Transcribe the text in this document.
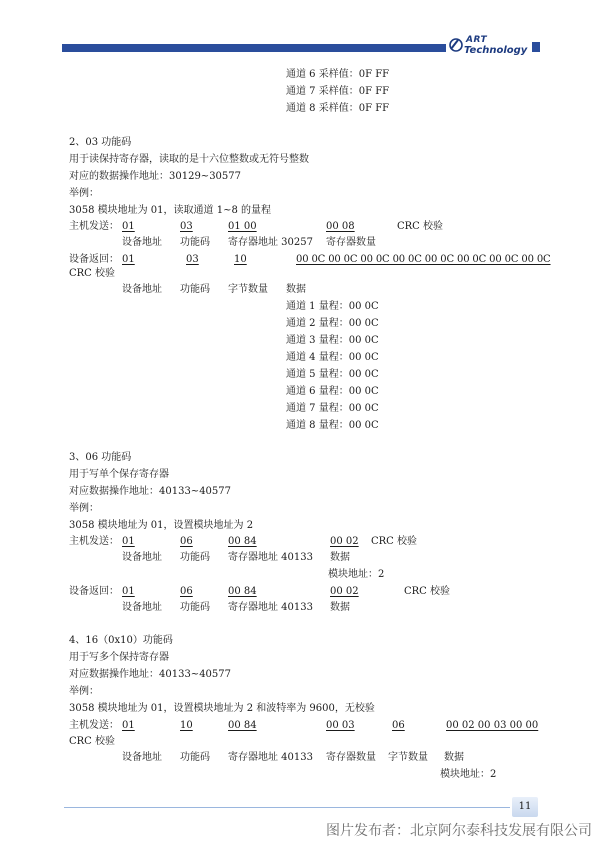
ART
Technology
通道 6 采样值：0F FF
通道 7 采样值：0F FF
通道 8 采样值：0F FF
2、03 功能码
用于读保持寄存器，读取的是十六位整数或无符号整数
对应的数据操作地址：30129~30577
举例：
3058 模块地址为 01，读取通道 1~8 的量程
主机发送： 01	03	01 00	00 08	CRC 校验
设备地址 功能码 寄存器地址 30257 寄存器数量
设备返回： 01	03	10	00 0C 00 0C 00 0C 00 0C 00 0C 00 0C 00 0C 00 0C
CRC 校验
设备地址 功能码 字节数量 数据
通道 1 量程：00 0C
通道 2 量程：00 0C
通道 3 量程：00 0C
通道 4 量程：00 0C
通道 5 量程：00 0C
通道 6 量程：00 0C
通道 7 量程：00 0C
通道 8 量程：00 0C
3、06 功能码
用于写单个保存寄存器
对应数据操作地址：40133~40577
举例：
3058 模块地址为 01，设置模块地址为 2
主机发送： 01	06	00 84	00 02 CRC 校验
设备地址 功能码 寄存器地址 40133 数据
模块地址：2
设备返回： 01	06	00 84	00 02	CRC 校验
设备地址 功能码 寄存器地址 40133 数据
4、16（0x10）功能码
用于写多个保持寄存器
对应数据操作地址：40133~40577
举例：
3058 模块地址为 01，设置模块地址为 2 和波特率为 9600，无校验
主机发送： 01	10	00 84	00 03	06	00 02 00 03 00 00
CRC 校验
设备地址 功能码 寄存器地址 40133 寄存器数量 字节数量 数据
模块地址：2
11
图片发布者：北京阿尔泰科技发展有限公司
